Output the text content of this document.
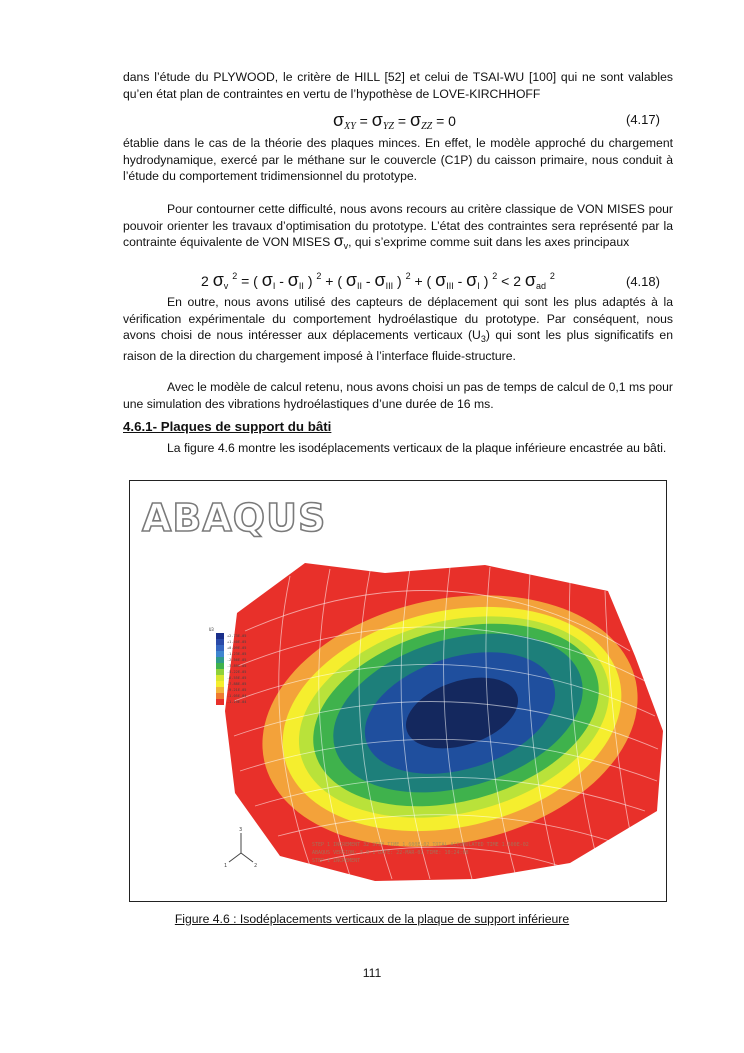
dans l’étude du PLYWOOD, le critère de HILL [52] et celui de TSAI-WU [100] qui ne sont valables qu’en état plan de contraintes en vertu de l’hypothèse de LOVE-KIRCHHOFF

$\sigma_{XY} = \sigma_{YZ} = \sigma_{ZZ} = 0$	(4.17)

établie dans le cas de la théorie des plaques minces. En effet, le modèle approché du chargement hydrodynamique, exercé par le méthane sur le couvercle (C1P) du caisson primaire, nous conduit à l’étude du comportement tridimensionnel du prototype.

Pour contourner cette difficulté, nous avons recours au critère classique de VON MISES pour pouvoir orienter les travaux d’optimisation du prototype. L’état des contraintes sera représenté par la contrainte équivalente de VON MISES $\sigma_v$, qui s’exprime comme suit dans les axes principaux

2 $\sigma_v$ $^2$ = ( $\sigma_I - \sigma_{II}$ ) $^2$ + ( $\sigma_{II} - \sigma_{III}$ ) $^2$ + ( $\sigma_{III} - \sigma_I$ ) $^2$ < 2 $\sigma_{ad}$ $^2$	(4.18)

En outre, nous avons utilisé des capteurs de déplacement qui sont les plus adaptés à la vérification expérimentale du comportement hydroélastique du prototype. Par conséquent, nous avons choisi de nous intéresser aux déplacements verticaux $(U_3)$ qui sont les plus significatifs en raison de la direction du chargement imposé à l’interface fluide-structure.

Avec le modèle de calcul retenu, nous avons choisi un pas de temps de calcul de 0,1 ms pour une simulation des vibrations hydroélastiques d’une durée de 16 ms.

4.6.1- Plaques de support du bâti

La figure 4.6 montre les isodéplacements verticaux de la plaque inférieure encastrée au bâti.

ABAQUS
U3
+2.73E-05
+1.40E-05
+0.09E-05
-1.23E-05
-2.56E-05
-3.89E-05
-5.22E-05
-6.55E-05
-7.88E-05
-9.21E-05
-1.05E-04
-1.19E-04
3
1	2
STEP 1 INCREMENT 32 STEP TIME 1.600E-02 TOTAL ACCUMULATED TIME 1.600E-02
ABAQUS VERSION: 5.8-1 DATE: 22-MAR-01 TIME: 10:24:08
STEP 1 INCREMENT
Figure 4.6 : Isodéplacements verticaux de la plaque de support inférieure
111
